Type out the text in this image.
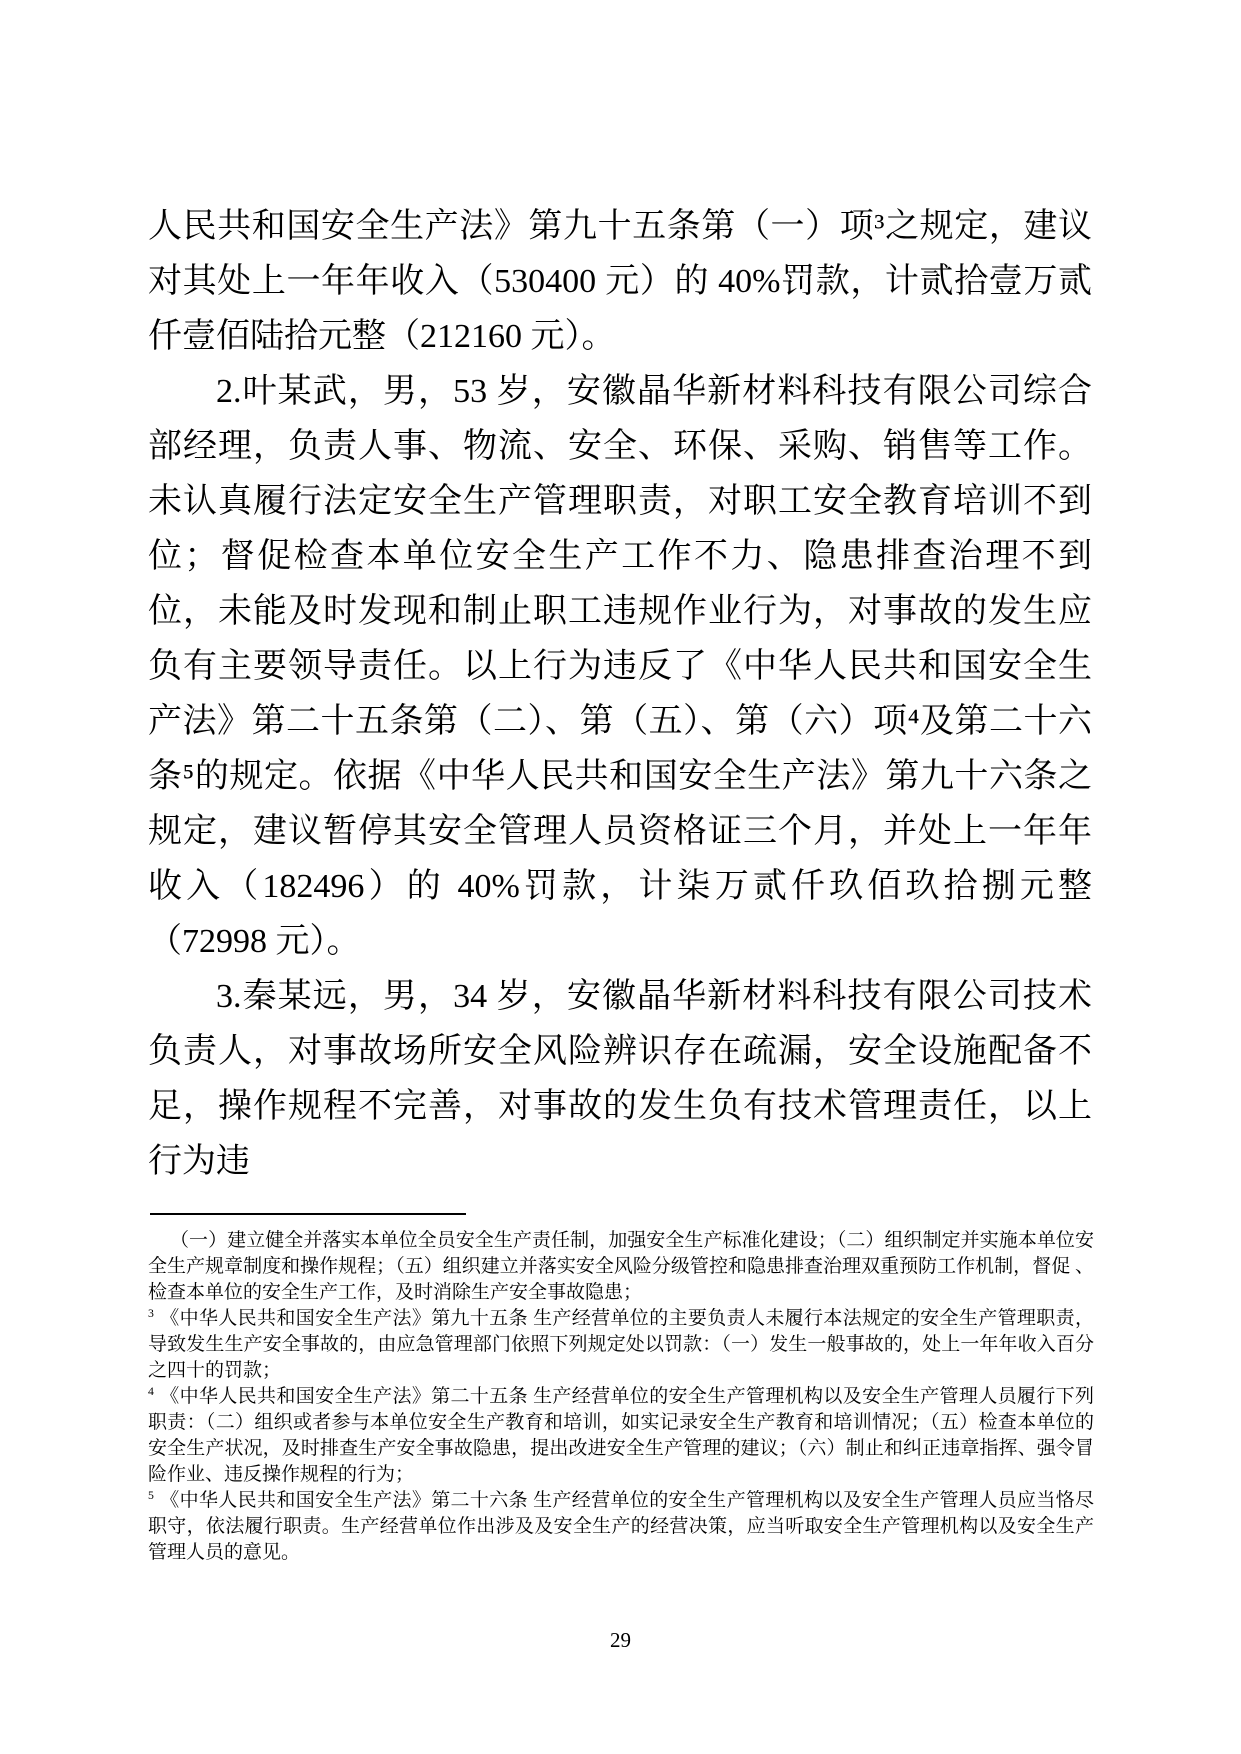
人民共和国安全生产法》第九十五条第（一）项³之规定，建议对其处上一年年收入（530400 元）的 40%罚款，计贰拾壹万贰仟壹佰陆拾元整（212160 元）。

2.叶某武，男，53 岁，安徽晶华新材料科技有限公司综合部经理，负责人事、物流、安全、环保、采购、销售等工作。未认真履行法定安全生产管理职责，对职工安全教育培训不到位；督促检查本单位安全生产工作不力、隐患排查治理不到位，未能及时发现和制止职工违规作业行为，对事故的发生应负有主要领导责任。以上行为违反了《中华人民共和国安全生产法》第二十五条第（二）、第（五）、第（六）项⁴及第二十六条⁵的规定。依据《中华人民共和国安全生产法》第九十六条之规定，建议暂停其安全管理人员资格证三个月，并处上一年年收入（182496）的 40%罚款，计柒万贰仟玖佰玖拾捌元整（72998 元）。

3.秦某远，男，34 岁，安徽晶华新材料科技有限公司技术负责人，对事故场所安全风险辨识存在疏漏，安全设施配备不足，操作规程不完善，对事故的发生负有技术管理责任，以上行为违

（一）建立健全并落实本单位全员安全生产责任制，加强安全生产标准化建设；（二）组织制定并实施本单位安全生产规章制度和操作规程；（五）组织建立并落实安全风险分级管控和隐患排查治理双重预防工作机制，督促 、检查本单位的安全生产工作，及时消除生产安全事故隐患；

$^3$ 《中华人民共和国安全生产法》第九十五条 生产经营单位的主要负责人未履行本法规定的安全生产管理职责，导致发生生产安全事故的，由应急管理部门依照下列规定处以罚款：（一）发生一般事故的，处上一年年收入百分之四十的罚款；

$^4$ 《中华人民共和国安全生产法》第二十五条 生产经营单位的安全生产管理机构以及安全生产管理人员履行下列职责：（二）组织或者参与本单位安全生产教育和培训，如实记录安全生产教育和培训情况；（五）检查本单位的安全生产状况，及时排查生产安全事故隐患，提出改进安全生产管理的建议；（六）制止和纠正违章指挥、强令冒险作业、违反操作规程的行为；

$^5$ 《中华人民共和国安全生产法》第二十六条 生产经营单位的安全生产管理机构以及安全生产管理人员应当恪尽职守，依法履行职责。生产经营单位作出涉及及安全生产的经营决策，应当听取安全生产管理机构以及安全生产管理人员的意见。

29
